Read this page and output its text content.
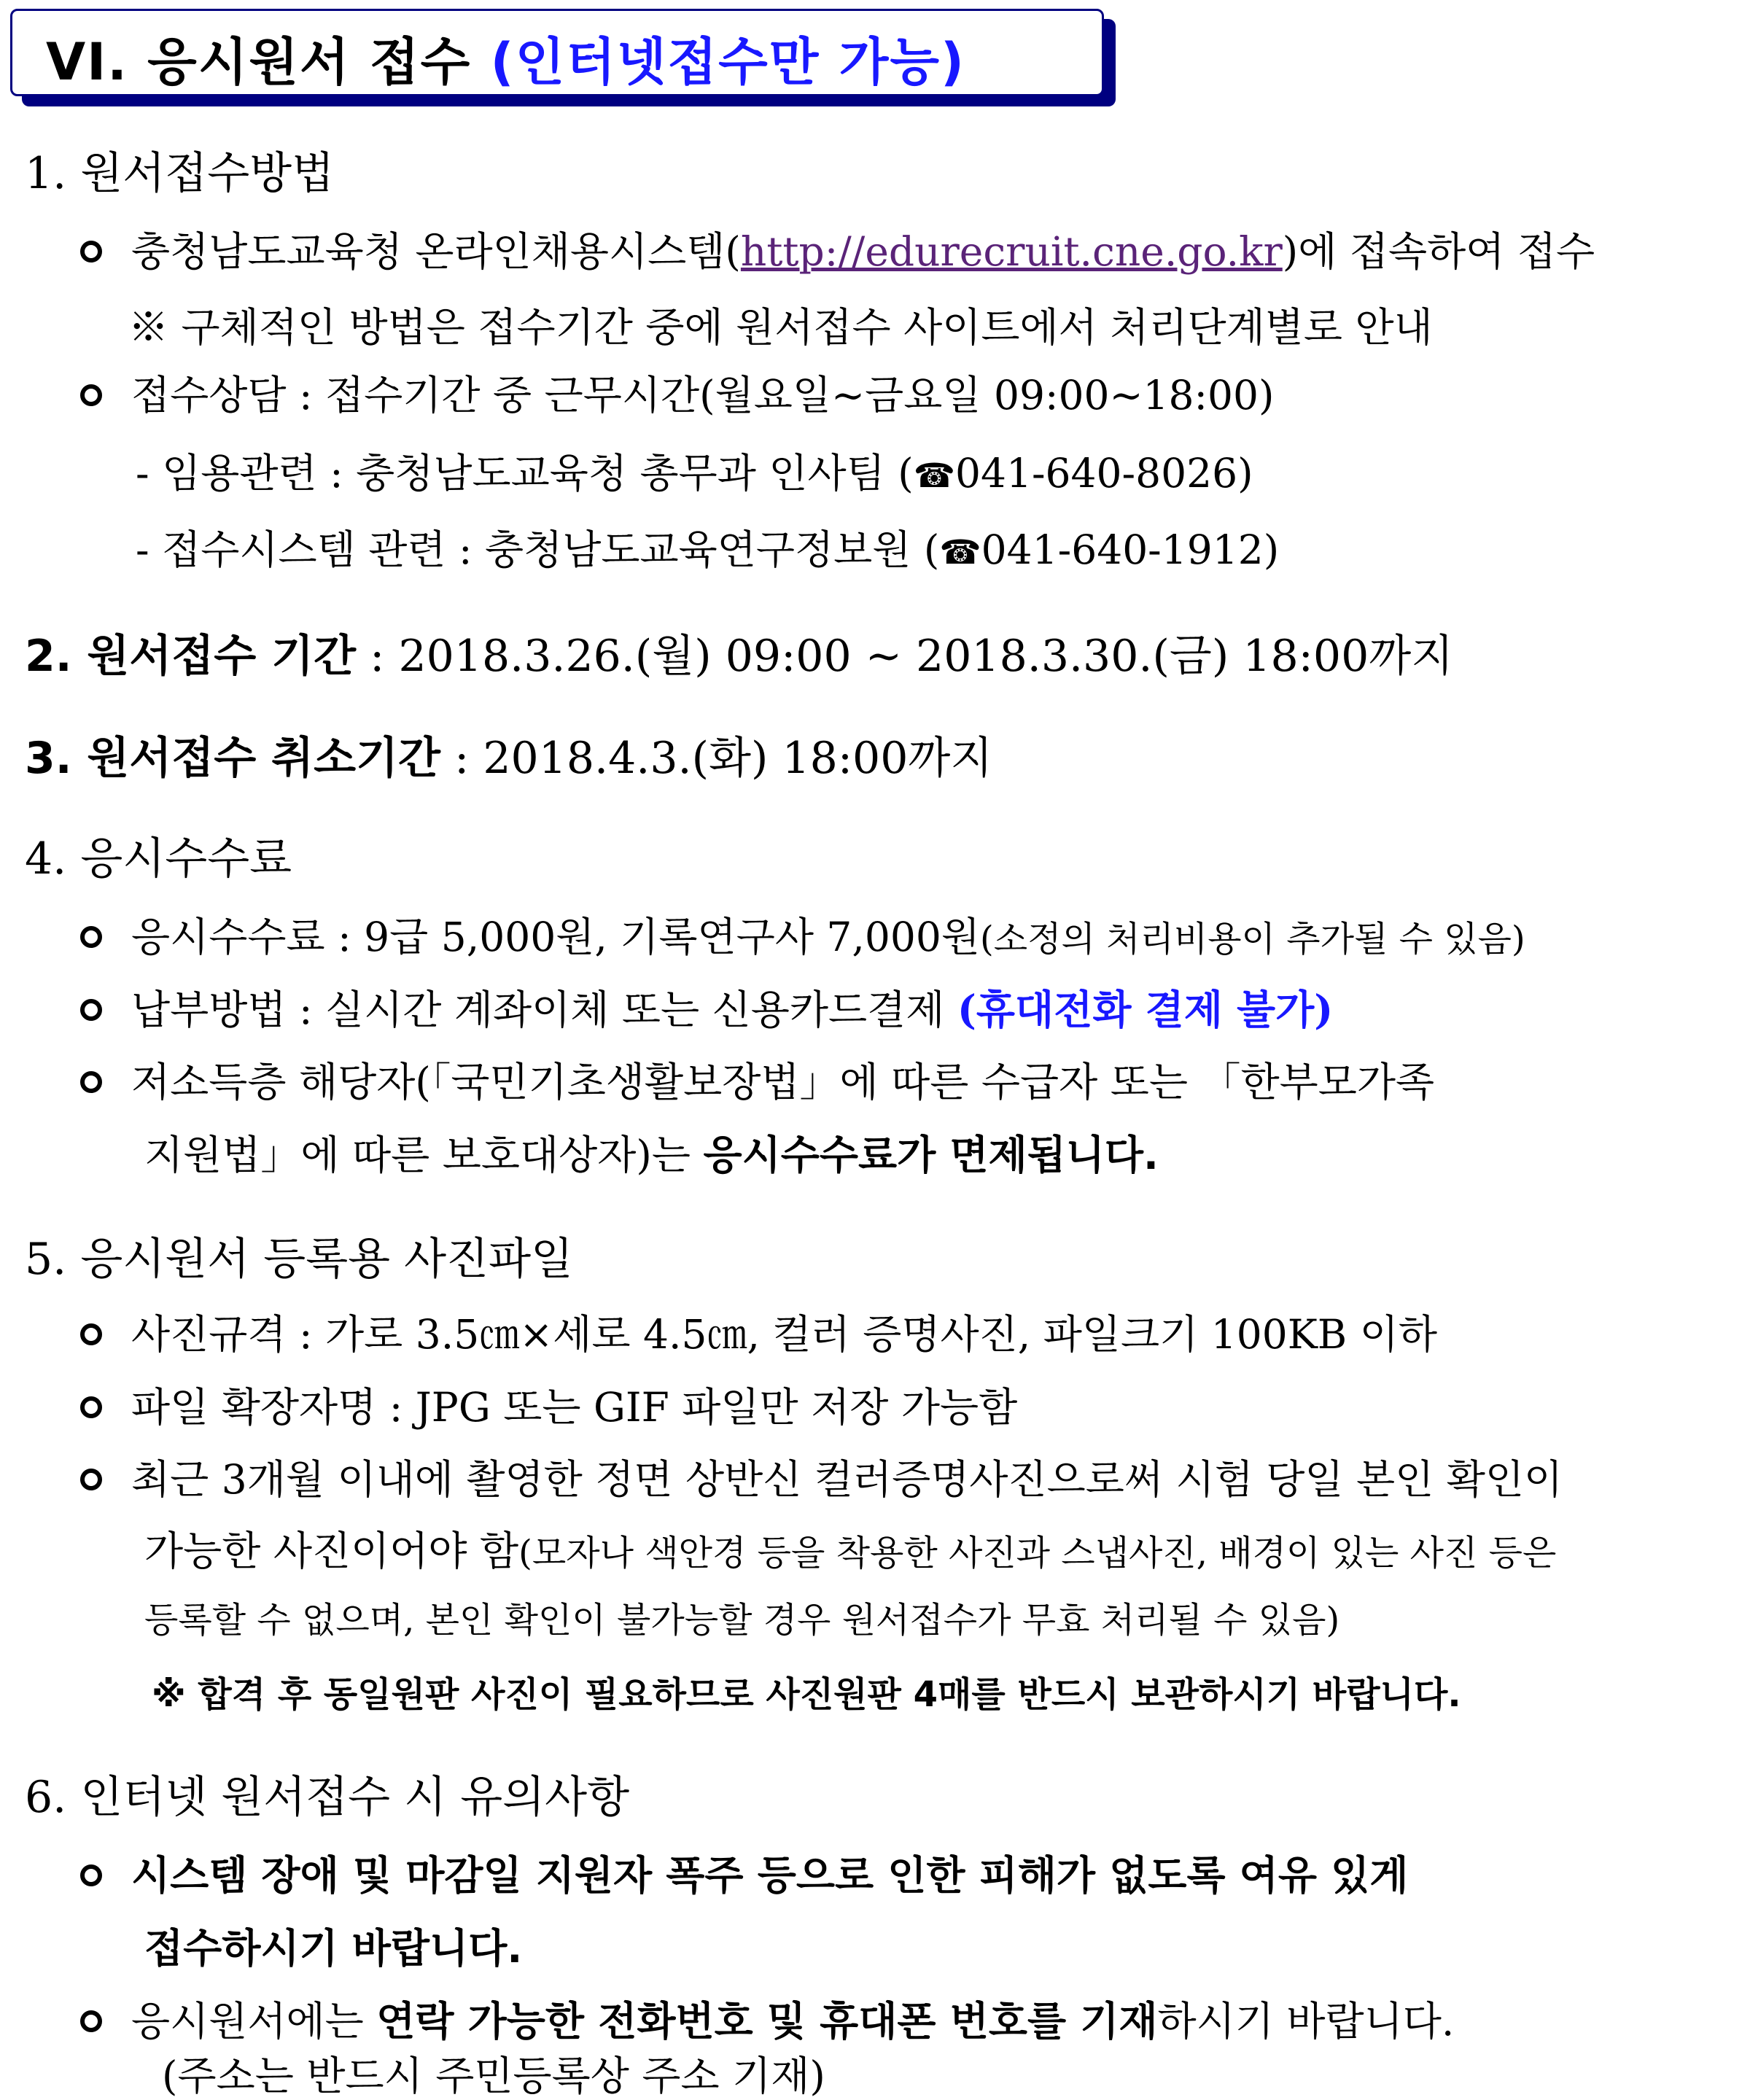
VI. 응시원서 접수 (인터넷접수만 가능)
1. 원서접수방법
충청남도교육청 온라인채용시스템(http://edurecruit.cne.go.kr)에 접속하여 접수
※ 구체적인 방법은 접수기간 중에 원서접수 사이트에서 처리단계별로 안내
접수상담 : 접수기간 중 근무시간(월요일~금요일 09:00~18:00)
- 임용관련 : 충청남도교육청 총무과 인사팀 (☎041-640-8026)
- 접수시스템 관련 : 충청남도교육연구정보원 (☎041-640-1912)
2. 원서접수 기간 : 2018.3.26.(월) 09:00 ~ 2018.3.30.(금) 18:00까지
3. 원서접수 취소기간 : 2018.4.3.(화) 18:00까지
4. 응시수수료
응시수수료 : 9급 5,000원, 기록연구사 7,000원(소정의 처리비용이 추가될 수 있음)
납부방법 : 실시간 계좌이체 또는 신용카드결제 (휴대전화 결제 불가)
저소득층 해당자(「국민기초생활보장법」에 따른 수급자 또는 「한부모가족
지원법」에 따른 보호대상자)는 응시수수료가 면제됩니다.
5. 응시원서 등록용 사진파일
사진규격 : 가로 3.5㎝×세로 4.5㎝, 컬러 증명사진, 파일크기 100KB 이하
파일 확장자명 : JPG 또는 GIF 파일만 저장 가능함
최근 3개월 이내에 촬영한 정면 상반신 컬러증명사진으로써 시험 당일 본인 확인이
가능한 사진이어야 함(모자나 색안경 등을 착용한 사진과 스냅사진, 배경이 있는 사진 등은
등록할 수 없으며, 본인 확인이 불가능할 경우 원서접수가 무효 처리될 수 있음)
※ 합격 후 동일원판 사진이 필요하므로 사진원판 4매를 반드시 보관하시기 바랍니다.
6. 인터넷 원서접수 시 유의사항
시스템 장애 및 마감일 지원자 폭주 등으로 인한 피해가 없도록 여유 있게
접수하시기 바랍니다.
응시원서에는 연락 가능한 전화번호 및 휴대폰 번호를 기재하시기 바랍니다.
(주소는 반드시 주민등록상 주소 기재)
